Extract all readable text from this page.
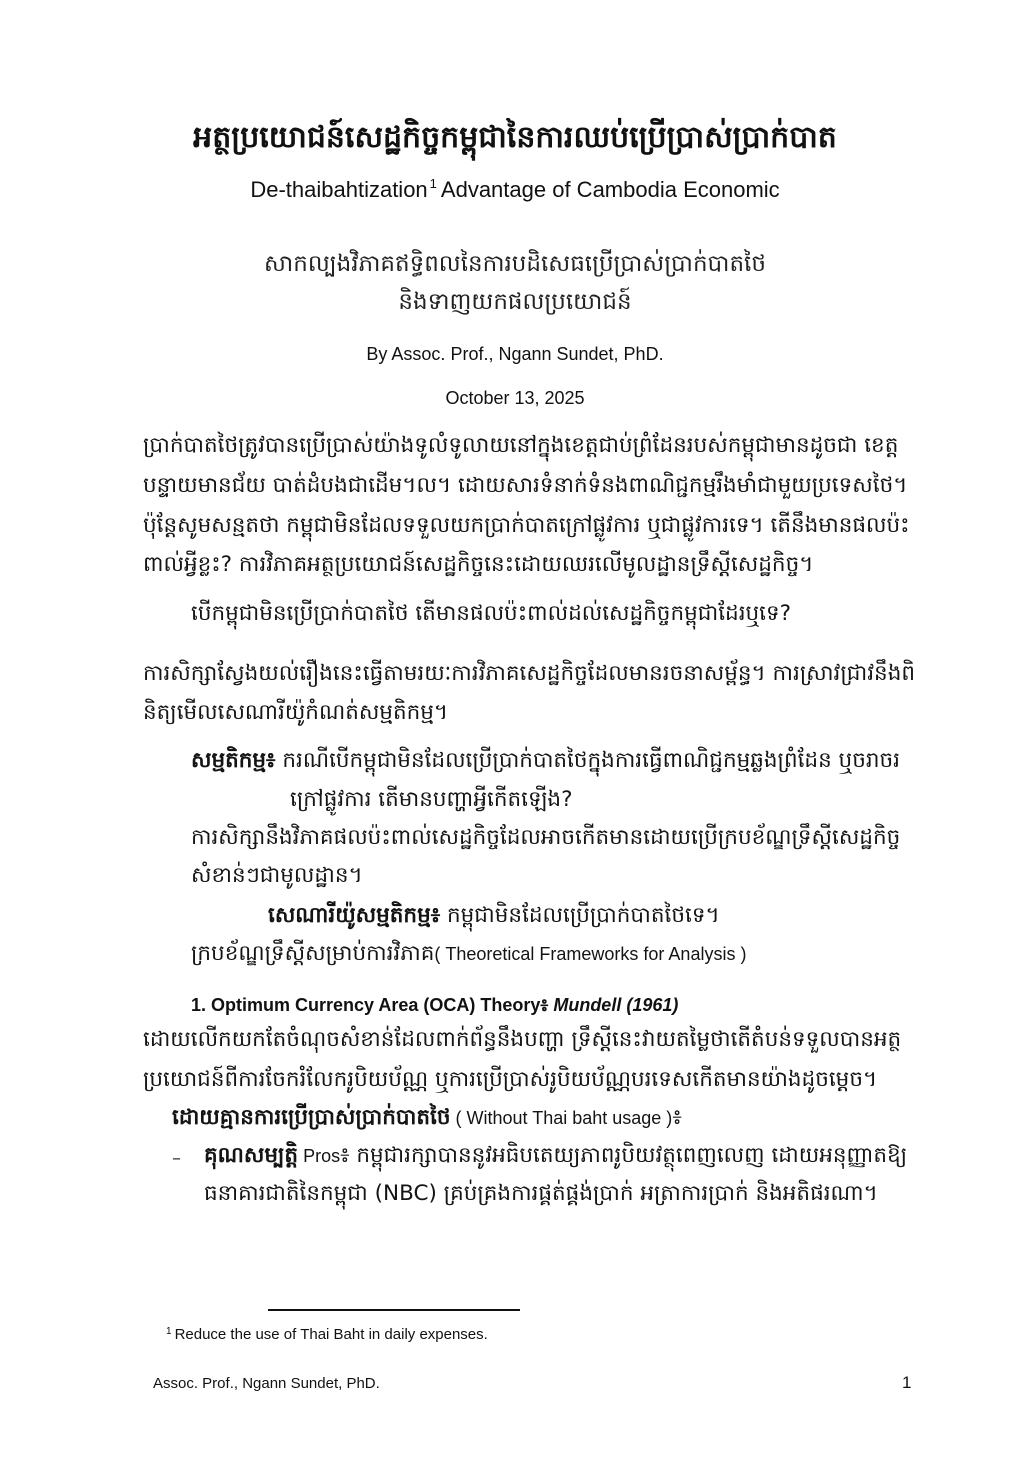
អត្ថប្រយោជន៍សេដ្ឋកិច្ចកម្ពុជានៃការឈប់ប្រើប្រាស់ប្រាក់បាត
De-thaibahtization $^1$ Advantage of Cambodia Economic
សាកល្បងវិភាគឥទ្ធិពលនៃការបដិសេធប្រើប្រាស់ប្រាក់បាតថៃ
និងទាញយកផលប្រយោជន៍
By Assoc. Prof., Ngann Sundet, PhD.
October 13, 2025
ប្រាក់បាតថៃត្រូវបានប្រើប្រាស់យ៉ាងទូលំទូលាយនៅក្នុងខេត្តជាប់ព្រំដែនរបស់កម្ពុជាមានដូចជា ខេត្ត
បន្ទាយមានជ័យ បាត់ដំបងជាដើម។ល។ ដោយសារទំនាក់ទំនងពាណិជ្ជកម្មរឹងមាំជាមួយប្រទេសថៃ។
ប៉ុន្តែសូមសន្មតថា កម្ពុជាមិនដែលទទួលយកប្រាក់បាតក្រៅផ្លូវការ ឬជាផ្លូវការទេ។ តើនឹងមានផលប៉ះ
ពាល់អ្វីខ្លះ? ការវិភាគអត្ថប្រយោជន៍សេដ្ឋកិច្ចនេះដោយឈរលើមូលដ្ឋានទ្រឹស្តីសេដ្ឋកិច្ច។
បើកម្ពុជាមិនប្រើប្រាក់បាតថៃ តើមានផលប៉ះពាល់ដល់សេដ្ឋកិច្ចកម្ពុជាដែរឬទេ?
ការសិក្សាស្វែងយល់រឿងនេះធ្វើតាមរយៈការវិភាគសេដ្ឋកិច្ចដែលមានរចនាសម្ព័ន្ធ។ ការស្រាវជ្រាវនឹងពិ
និត្យមើលសេណារីយ៉ូកំណត់សម្មតិកម្ម។
សម្មតិកម្ម៖ ករណីបើកម្ពុជាមិនដែលប្រើប្រាក់បាតថៃក្នុងការធ្វើពាណិជ្ជកម្មឆ្លងព្រំដែន ឬចរាចរ
ក្រៅផ្លូវការ តើមានបញ្ហាអ្វីកើតឡើង?
ការសិក្សានឹងវិភាគផលប៉ះពាល់សេដ្ឋកិច្ចដែលអាចកើតមានដោយប្រើក្របខ័ណ្ឌទ្រឹស្តីសេដ្ឋកិច្ច
សំខាន់ៗជាមូលដ្ឋាន។
សេណារីយ៉ូសម្មតិកម្ម៖ កម្ពុជាមិនដែលប្រើប្រាក់បាតថៃទេ។
ក្របខ័ណ្ឌទ្រឹស្តីសម្រាប់ការវិភាគ( Theoretical Frameworks for Analysis )
1. Optimum Currency Area (OCA) Theory៖ Mundell (1961)
ដោយលើកយកតែចំណុចសំខាន់ដែលពាក់ព័ន្ធនឹងបញ្ហា ទ្រឹស្តីនេះវាយតម្លៃថាតើតំបន់ទទួលបានអត្ថ
ប្រយោជន៍ពីការចែករំលែករូបិយប័ណ្ណ ឬការប្រើប្រាស់រូបិយប័ណ្ណបរទេសកើតមានយ៉ាងដូចម្តេច។
ដោយគ្មានការប្រើប្រាស់ប្រាក់បាតថៃ ( Without Thai baht usage )៖
– គុណសម្បត្តិ Pros៖ កម្ពុជារក្សាបាននូវអធិបតេយ្យភាពរូបិយវត្ថុពេញលេញ ដោយអនុញ្ញាតឱ្យ
ធនាគារជាតិនៃកម្ពុជា (NBC) គ្រប់គ្រងការផ្គត់ផ្គង់ប្រាក់ អត្រាការប្រាក់ និងអតិផរណា។
$^1$ Reduce the use of Thai Baht in daily expenses.
Assoc. Prof., Ngann Sundet, PhD.	1
